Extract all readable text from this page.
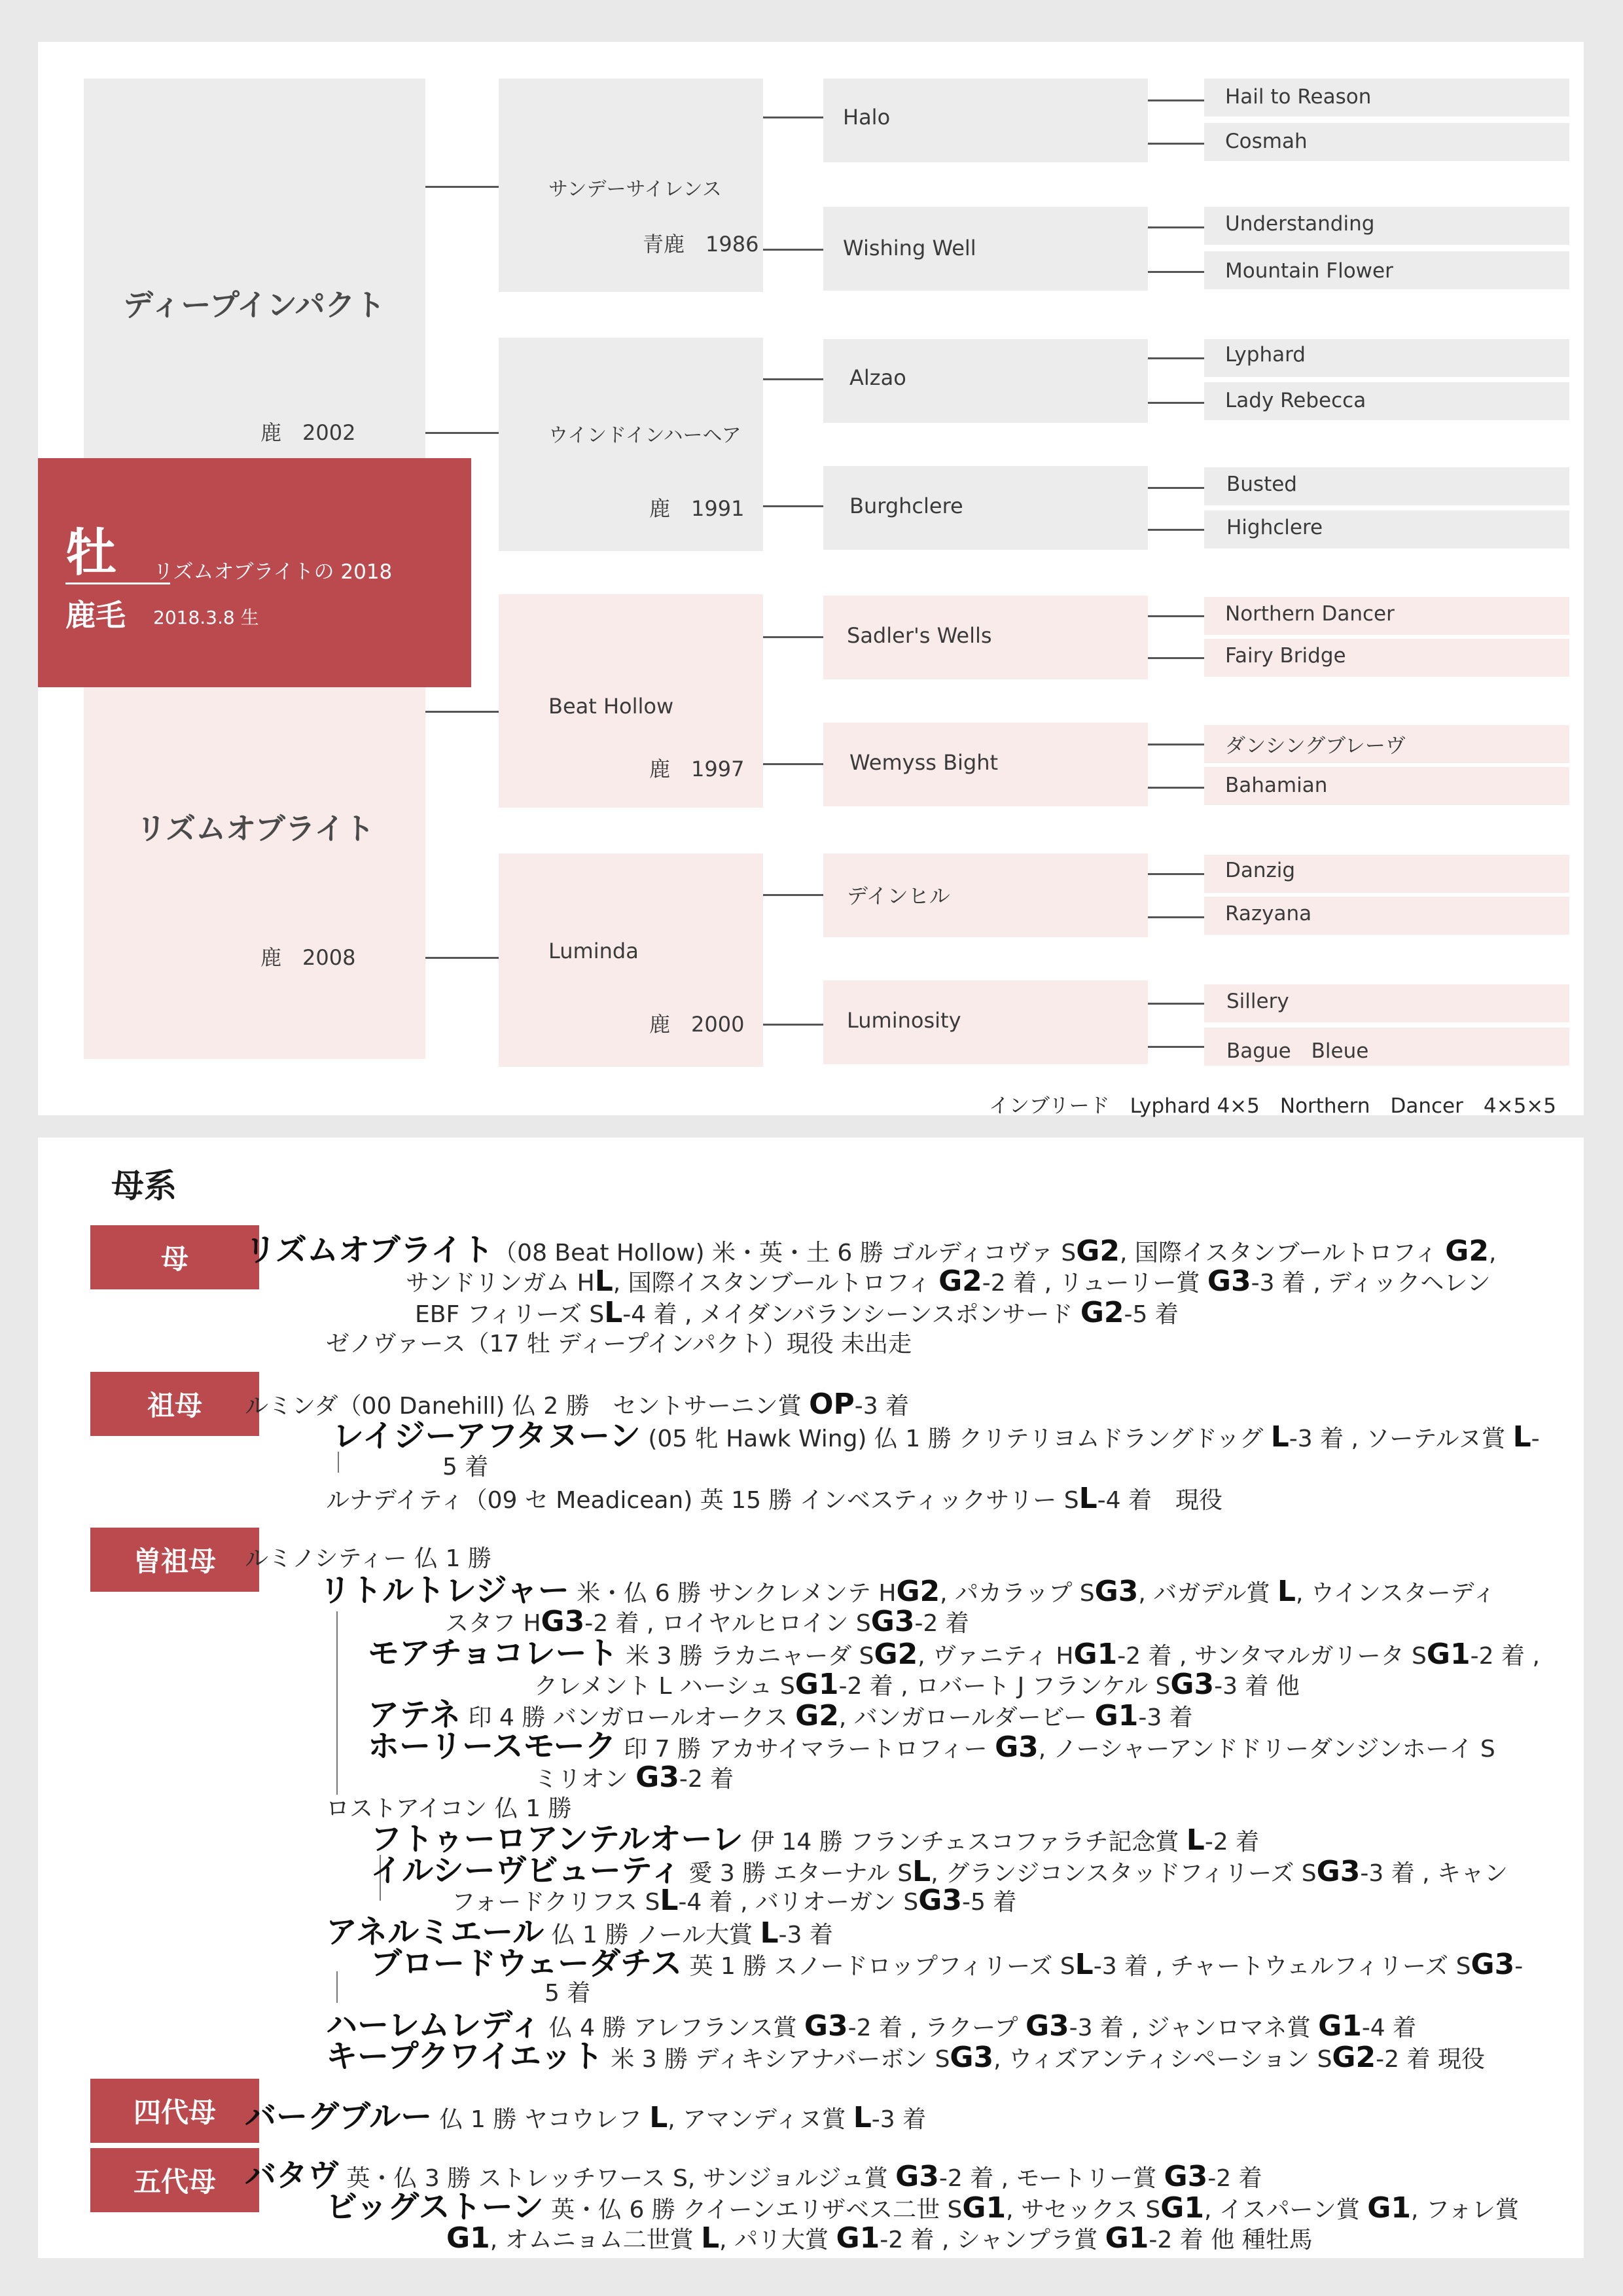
ディープインパクト
鹿　2002
リズムオブライト
鹿　2008
牡
鹿毛
リズムオブライトの 2018
2018.3.8 生
サンデーサイレンス
青鹿　1986
ウインドインハーヘア
鹿　1991
Beat Hollow
鹿　1997
Luminda
鹿　2000
Halo
Wishing Well
Alzao
Burghclere
Sadler's Wells
Wemyss Bight
デインヒル
Luminosity
Hail to Reason
Cosmah
Understanding
Mountain Flower
Lyphard
Lady Rebecca
Busted
Highclere
Northern Dancer
Fairy Bridge
ダンシングブレーヴ
Bahamian
Danzig
Razyana
Sillery
Bague　Bleue
インブリード　Lyphard 4×5　Northern　Dancer　4×5×5
母系
母
祖母
曽祖母
四代母
五代母
リズムオブライト（08 Beat Hollow) 米・英・土 6 勝 ゴルディコヴァ SG2, 国際イスタンブールトロフィ G2,
サンドリンガム HL, 国際イスタンブールトロフィ G2-2 着 , リューリー賞 G3-3 着 , ディックヘレン
EBF フィリーズ SL-4 着 , メイダンバランシーンスポンサード G2-5 着
ゼノヴァース（17 牡 ディープインパクト）現役 未出走
ルミンダ（00 Danehill) 仏 2 勝　セントサーニン賞 OP-3 着
レイジーアフタヌーン (05 牝 Hawk Wing) 仏 1 勝 クリテリヨムドラングドッグ L-3 着 , ソーテルヌ賞 L-
5 着
ルナデイティ（09 セ Meadicean) 英 15 勝 インベスティックサリー SL-4 着　現役
ルミノシティー 仏 1 勝
リトルトレジャー 米・仏 6 勝 サンクレメンテ HG2, パカラップ SG3, バガデル賞 L, ウインスターディ
スタフ HG3-2 着 , ロイヤルヒロイン SG3-2 着
モアチョコレート 米 3 勝 ラカニャーダ SG2, ヴァニティ HG1-2 着 , サンタマルガリータ SG1-2 着 ,
クレメント L ハーシュ SG1-2 着 , ロバート J フランケル SG3-3 着 他
アテネ 印 4 勝 バンガロールオークス G2, バンガロールダービー G1-3 着
ホーリースモーク 印 7 勝 アカサイマラートロフィー G3, ノーシャーアンドドリーダンジンホーイ S
ミリオン G3-2 着
ロストアイコン 仏 1 勝
フトゥーロアンテルオーレ 伊 14 勝 フランチェスコファラチ記念賞 L-2 着
イルシーヴビューティ 愛 3 勝 エターナル SL, グランジコンスタッドフィリーズ SG3-3 着 , キャン
フォードクリフス SL-4 着 , バリオーガン SG3-5 着
アネルミエール 仏 1 勝 ノール大賞 L-3 着
ブロードウェーダチス 英 1 勝 スノードロップフィリーズ SL-3 着 , チャートウェルフィリーズ SG3-
5 着
ハーレムレディ 仏 4 勝 アレフランス賞 G3-2 着 , ラクープ G3-3 着 , ジャンロマネ賞 G1-4 着
キープクワイエット 米 3 勝 ディキシアナバーボン SG3, ウィズアンティシペーション SG2-2 着 現役
バーグブルー 仏 1 勝 ヤコウレフ L, アマンディヌ賞 L-3 着
バタヴ 英・仏 3 勝 ストレッチワース S, サンジョルジュ賞 G3-2 着 , モートリー賞 G3-2 着
ビッグストーン 英・仏 6 勝 クイーンエリザベス二世 SG1, サセックス SG1, イスパーン賞 G1, フォレ賞
G1, オムニョム二世賞 L, パリ大賞 G1-2 着 , シャンプラ賞 G1-2 着 他 種牡馬
